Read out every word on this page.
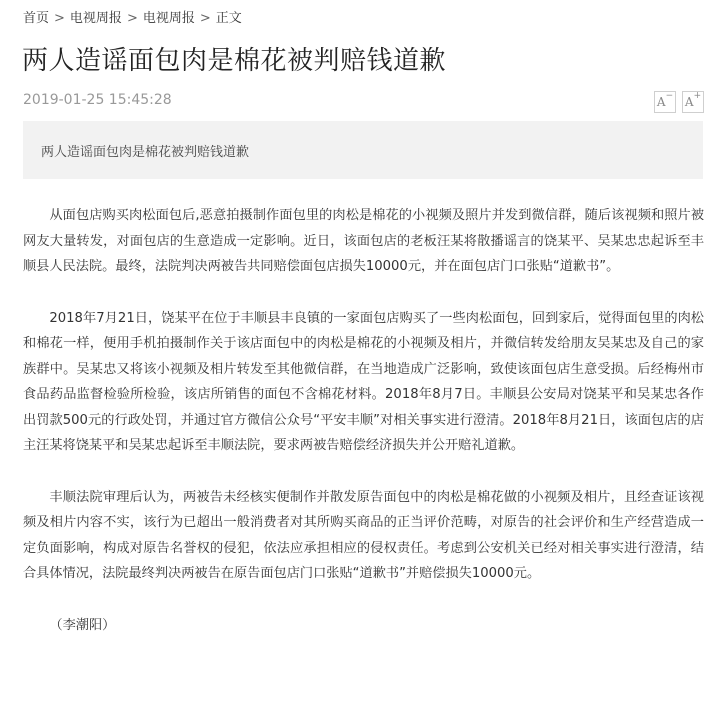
首页 > 电视周报 > 电视周报 > 正文
两人造谣面包肉是棉花被判赔钱道歉
2019-01-25 15:45:28	A− A+
两人造谣面包肉是棉花被判赔钱道歉

从面包店购买肉松面包后,恶意拍摄制作面包里的肉松是棉花的小视频及照片并发到微信群，随后该视频和照片被网友大量转发，对面包店的生意造成一定影响。近日，该面包店的老板汪某将散播谣言的饶某平、吴某忠忠起诉至丰顺县人民法院。最终，法院判决两被告共同赔偿面包店损失10000元，并在面包店门口张贴“道歉书”。

2018年7月21日，饶某平在位于丰顺县丰良镇的一家面包店购买了一些肉松面包，回到家后，觉得面包里的肉松和棉花一样，便用手机拍摄制作关于该店面包中的肉松是棉花的小视频及相片，并微信转发给朋友吴某忠及自己的家族群中。吴某忠又将该小视频及相片转发至其他微信群，在当地造成广泛影响，致使该面包店生意受损。后经梅州市食品药品监督检验所检验，该店所销售的面包不含棉花材料。2018年8月7日。丰顺县公安局对饶某平和吴某忠各作出罚款500元的行政处罚，并通过官方微信公众号“平安丰顺”对相关事实进行澄清。2018年8月21日，该面包店的店主汪某将饶某平和吴某忠起诉至丰顺法院，要求两被告赔偿经济损失并公开赔礼道歉。

丰顺法院审理后认为，两被告未经核实便制作并散发原告面包中的肉松是棉花做的小视频及相片，且经查证该视频及相片内容不实，该行为已超出一般消费者对其所购买商品的正当评价范畴，对原告的社会评价和生产经营造成一定负面影响，构成对原告名誉权的侵犯，依法应承担相应的侵权责任。考虑到公安机关已经对相关事实进行澄清，结合具体情况，法院最终判决两被告在原告面包店门口张贴“道歉书”并赔偿损失10000元。

（李潮阳）
